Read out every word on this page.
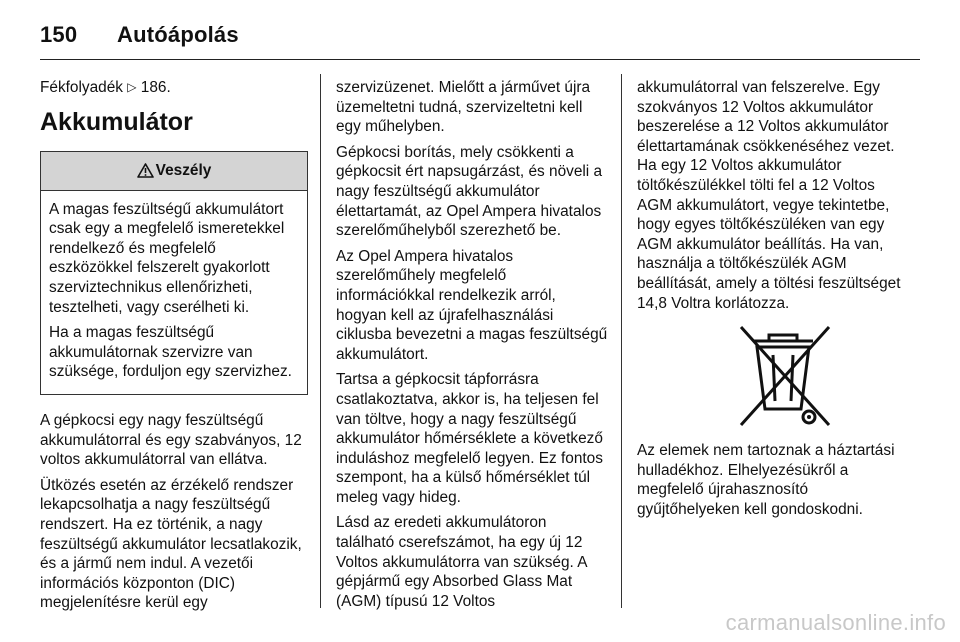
150 Autóápolás

Fékfolyadék ▷ 186.

Akkumulátor
Veszély

A magas feszültségű akkumulátort csak egy a megfelelő ismeretekkel rendelkező és megfelelő eszközökkel felszerelt gyakorlott szerviztechnikus ellenőrizheti, tesztelheti, vagy cserélheti ki.

Ha a magas feszültségű akkumulátornak szervizre van szüksége, forduljon egy szervizhez.

A gépkocsi egy nagy feszültségű akkumulátorral és egy szabványos, 12 voltos akkumulátorral van ellátva.

Ütközés esetén az érzékelő rendszer lekapcsolhatja a nagy feszültségű rendszert. Ha ez történik, a nagy feszültségű akkumulátor lecsatlakozik, és a jármű nem indul. A vezetői információs központon (DIC) megjelenítésre kerül egy

szervizüzenet. Mielőtt a járművet újra üzemeltetni tudná, szervizeltetni kell egy műhelyben.

Gépkocsi borítás, mely csökkenti a gépkocsit ért napsugárzást, és növeli a nagy feszültségű akkumulátor élettartamát, az Opel Ampera hivatalos szerelőműhelyből szerezhető be.

Az Opel Ampera hivatalos szerelőműhely megfelelő információkkal rendelkezik arról, hogyan kell az újrafelhasználási ciklusba bevezetni a magas feszültségű akkumulátort.

Tartsa a gépkocsit tápforrásra csatlakoztatva, akkor is, ha teljesen fel van töltve, hogy a nagy feszültségű akkumulátor hőmérséklete a következő induláshoz megfelelő legyen. Ez fontos szempont, ha a külső hőmérséklet túl meleg vagy hideg.

Lásd az eredeti akkumulátoron található cserefszámot, ha egy új 12 Voltos akkumulátorra van szükség. A gépjármű egy Absorbed Glass Mat (AGM) típusú 12 Voltos

akkumulátorral van felszerelve. Egy szokványos 12 Voltos akkumulátor beszerelése a 12 Voltos akkumulátor élettartamának csökkenéséhez vezet. Ha egy 12 Voltos akkumulátor töltőkészülékkel tölti fel a 12 Voltos AGM akkumulátort, vegye tekintetbe, hogy egyes töltőkészüléken van egy AGM akkumulátor beállítás. Ha van, használja a töltőkészülék AGM beállítását, amely a töltési feszültséget 14,8 Voltra korlátozza.

Az elemek nem tartoznak a háztartási hulladékhoz. Elhelyezésükről a megfelelő újrahasznosító gyűjtőhelyeken kell gondoskodni.

carmanualsonline.info
